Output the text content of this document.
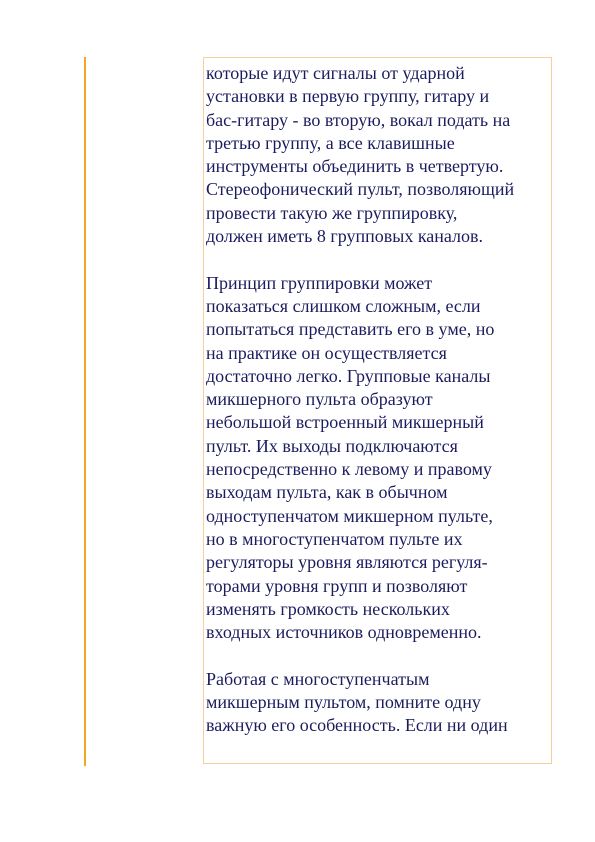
которые идут сигналы от ударной
установки в первую группу, гитару и
бас-гитару - во вторую, вокал подать на
третью группу, а все клавишные
инструменты объединить в четвертую.
Стереофонический пульт, позволяющий
провести такую же группировку,
должен иметь 8 групповых каналов.

Принцип группировки может
показаться слишком сложным, если
попытаться представить его в уме, но
на практике он осуществляется
достаточно легко. Групповые каналы
микшерного пульта образуют
небольшой встроенный микшерный
пульт. Их выходы подключаются
непосредственно к левому и правому
выходам пульта, как в обычном
одноступенчатом микшерном пульте,
но в многоступенчатом пульте их
регуляторы уровня являются регуля-
торами уровня групп и позволяют
изменять громкость нескольких
входных источников одновременно.

Работая с многоступенчатым
микшерным пультом, помните одну
важную его особенность. Если ни один
